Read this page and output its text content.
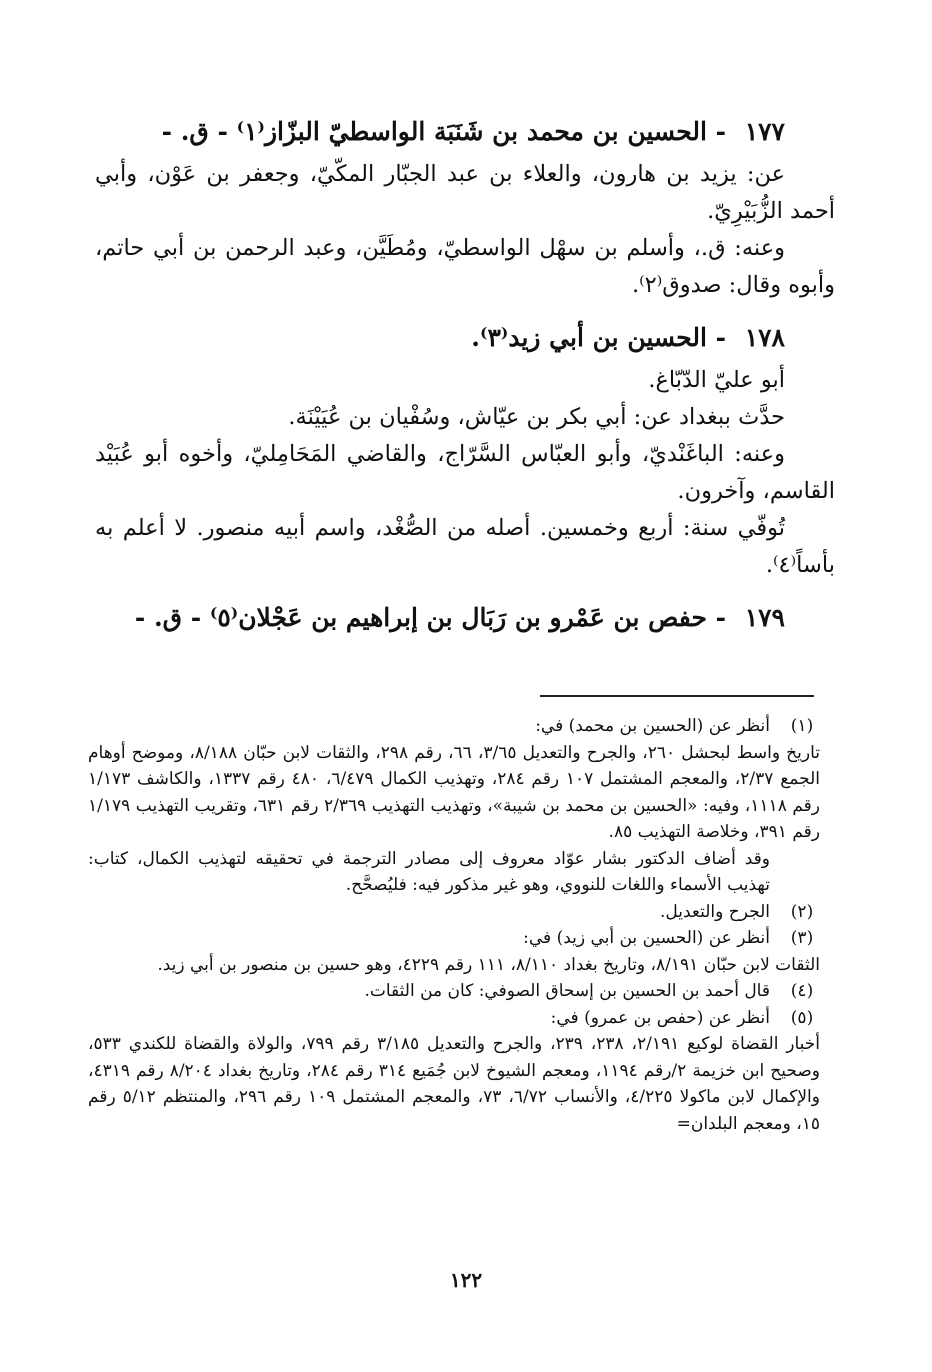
١٧٧ - الحسين بن محمد بن شَنَبَة الواسطيّ البزّاز⁽١⁾ - ق. -

عن: يزيد بن هارون، والعلاء بن عبد الجبّار المكّيّ، وجعفر بن عَوْن، وأبي أحمد الزُّبَيْرِيّ.

وعنه: ق.، وأسلم بن سهْل الواسطيّ، ومُطَيَّن، وعبد الرحمن بن أبي حاتم، وأبوه وقال: صدوق⁽٢⁾.

١٧٨ - الحسين بن أبي زيد⁽٣⁾.

أبو عليّ الدّبّاغ.

حدَّث ببغداد عن: أبي بكر بن عيّاش، وسُفْيان بن عُيَيْنَة.

وعنه: الباغَنْديّ، وأبو العبّاس السَّرّاج، والقاضي المَحَامِليّ، وأخوه أبو عُبَيْد القاسم، وآخرون.

تُوفّي سنة: أربع وخمسين. أصله من الصُّغْد، واسم أبيه منصور. لا أعلم به بأساً⁽٤⁾.

١٧٩ - حفص بن عَمْرو بن رَبَال بن إبراهيم بن عَجْلان⁽٥⁾ - ق. -
(١)
أنظر عن (الحسين بن محمد) في:
تاريخ واسط لبحشل ٢٦٠، والجرح والتعديل ٣/٦٥، ٦٦، رقم ٢٩٨، والثقات لابن حبّان ٨/١٨٨، وموضح أوهام الجمع ٢/٣٧، والمعجم المشتمل ١٠٧ رقم ٢٨٤، وتهذيب الكمال ٦/٤٧٩، ٤٨٠ رقم ١٣٣٧، والكاشف ١/١٧٣ رقم ١١١٨، وفيه: «الحسين بن محمد بن شيبة»، وتهذيب التهذيب ٢/٣٦٩ رقم ٦٣١، وتقريب التهذيب ١/١٧٩ رقم ٣٩١، وخلاصة التهذيب ٨٥.
وقد أضاف الدكتور بشار عوّاد معروف إلى مصادر الترجمة في تحقيقه لتهذيب الكمال، كتاب: تهذيب الأسماء واللغات للنووي، وهو غير مذكور فيه: فليُصحَّح.
(٢)
الجرح والتعديل.
(٣)
أنظر عن (الحسين بن أبي زيد) في:
الثقات لابن حبّان ٨/١٩١، وتاريخ بغداد ٨/١١٠، ١١١ رقم ٤٢٢٩، وهو حسين بن منصور بن أبي زيد.
(٤)
قال أحمد بن الحسين بن إسحاق الصوفي: كان من الثقات.
(٥)
أنظر عن (حفص بن عمرو) في:
أخبار القضاة لوكيع ٢/١٩١، ٢٣٨، ٢٣٩، والجرح والتعديل ٣/١٨٥ رقم ٧٩٩، والولاة والقضاة للكندي ٥٣٣، وصحيح ابن خزيمة ٢/رقم ١١٩٤، ومعجم الشيوخ لابن جُمَيع ٣١٤ رقم ٢٨٤، وتاريخ بغداد ٨/٢٠٤ رقم ٤٣١٩، والإكمال لابن ماكولا ٤/٢٢٥، والأنساب ٦/٧٢، ٧٣، والمعجم المشتمل ١٠٩ رقم ٢٩٦، والمنتظم ٥/١٢ رقم ١٥، ومعجم البلدان=
١٢٢
